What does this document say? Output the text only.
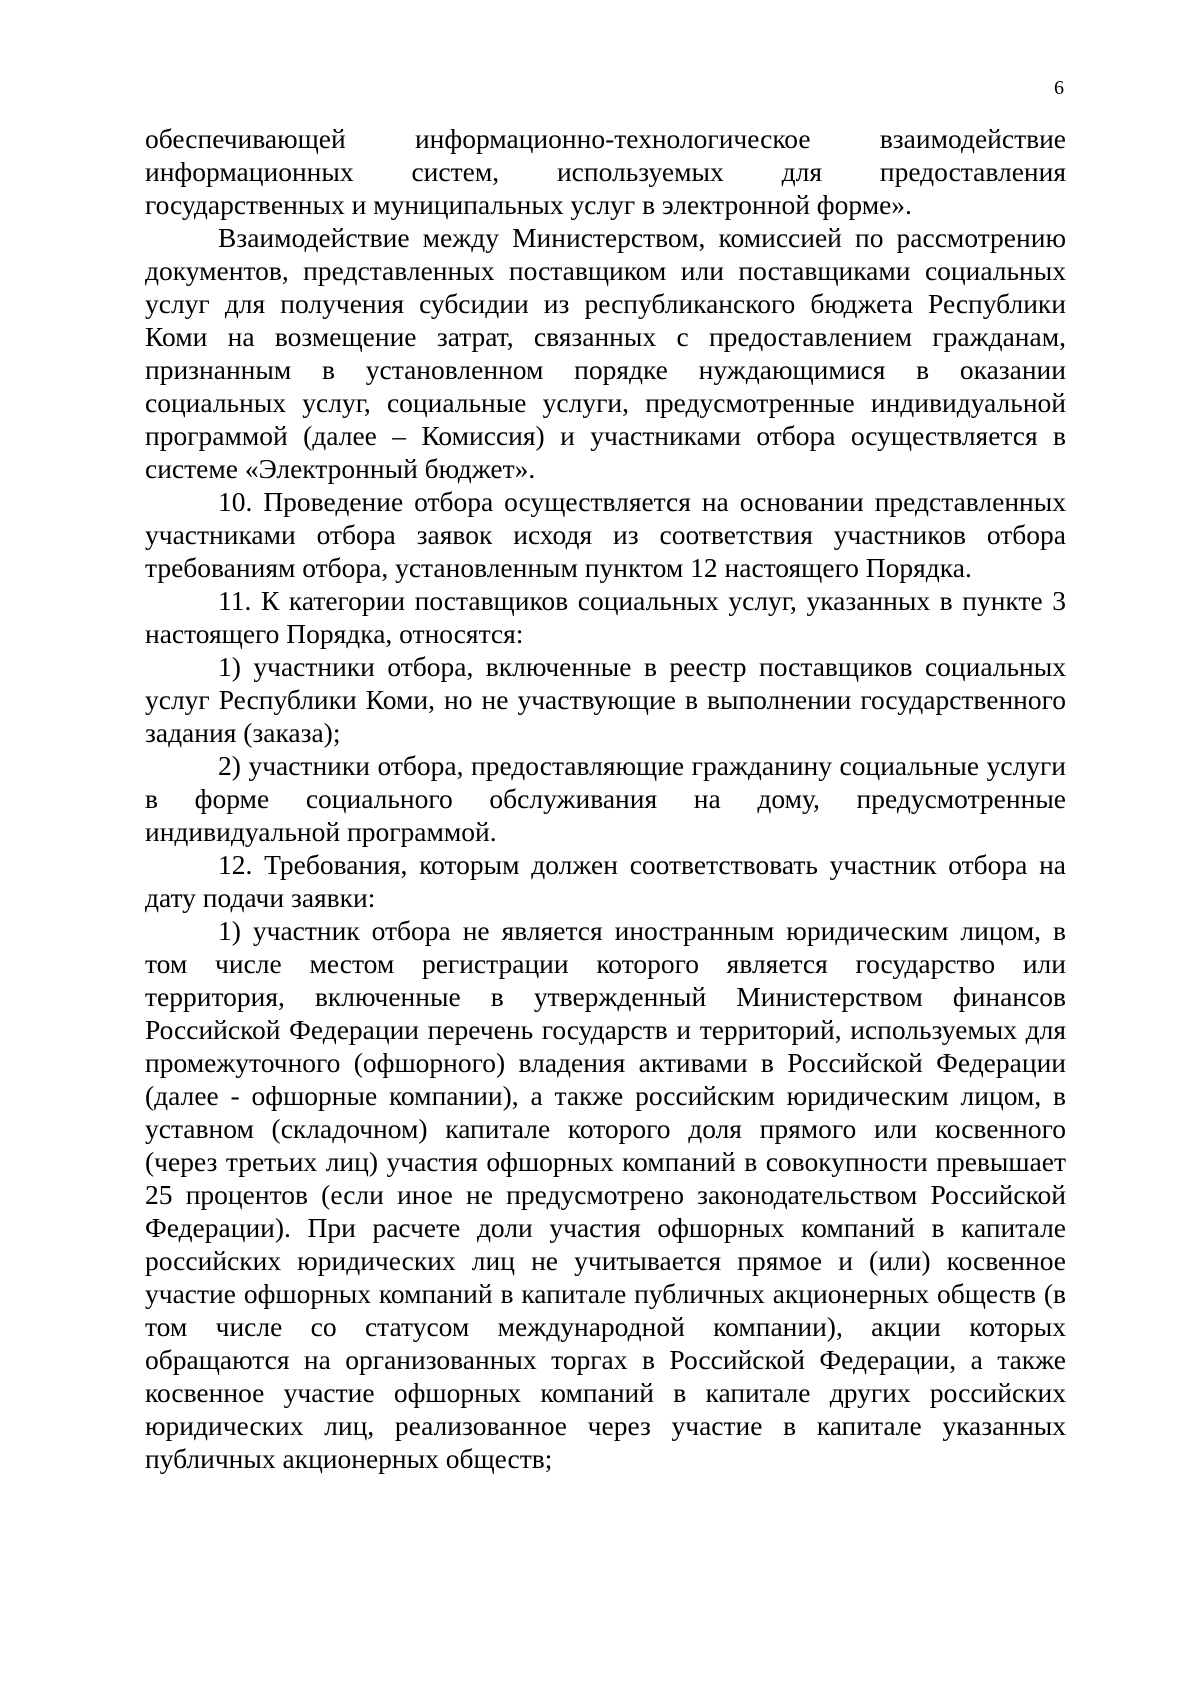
6

обеспечивающей информационно-технологическое взаимодействие информационных систем, используемых для предоставления государственных и муниципальных услуг в электронной форме».

Взаимодействие между Министерством, комиссией по рассмотрению документов, представленных поставщиком или поставщиками социальных услуг для получения субсидии из республиканского бюджета Республики Коми на возмещение затрат, связанных с предоставлением гражданам, признанным в установленном порядке нуждающимися в оказании социальных услуг, социальные услуги, предусмотренные индивидуальной программой (далее – Комиссия) и участниками отбора осуществляется в системе «Электронный бюджет».

10. Проведение отбора осуществляется на основании представленных участниками отбора заявок исходя из соответствия участников отбора требованиям отбора, установленным пунктом 12 настоящего Порядка.

11. К категории поставщиков социальных услуг, указанных в пункте 3 настоящего Порядка, относятся:

1) участники отбора, включенные в реестр поставщиков социальных услуг Республики Коми, но не участвующие в выполнении государственного задания (заказа);

2) участники отбора, предоставляющие гражданину социальные услуги в форме социального обслуживания на дому, предусмотренные индивидуальной программой.

12. Требования, которым должен соответствовать участник отбора на дату подачи заявки:

1) участник отбора не является иностранным юридическим лицом, в том числе местом регистрации которого является государство или территория, включенные в утвержденный Министерством финансов Российской Федерации перечень государств и территорий, используемых для промежуточного (офшорного) владения активами в Российской Федерации (далее - офшорные компании), а также российским юридическим лицом, в уставном (складочном) капитале которого доля прямого или косвенного (через третьих лиц) участия офшорных компаний в совокупности превышает 25 процентов (если иное не предусмотрено законодательством Российской Федерации). При расчете доли участия офшорных компаний в капитале российских юридических лиц не учитывается прямое и (или) косвенное участие офшорных компаний в капитале публичных акционерных обществ (в том числе со статусом международной компании), акции которых обращаются на организованных торгах в Российской Федерации, а также косвенное участие офшорных компаний в капитале других российских юридических лиц, реализованное через участие в капитале указанных публичных акционерных обществ;
